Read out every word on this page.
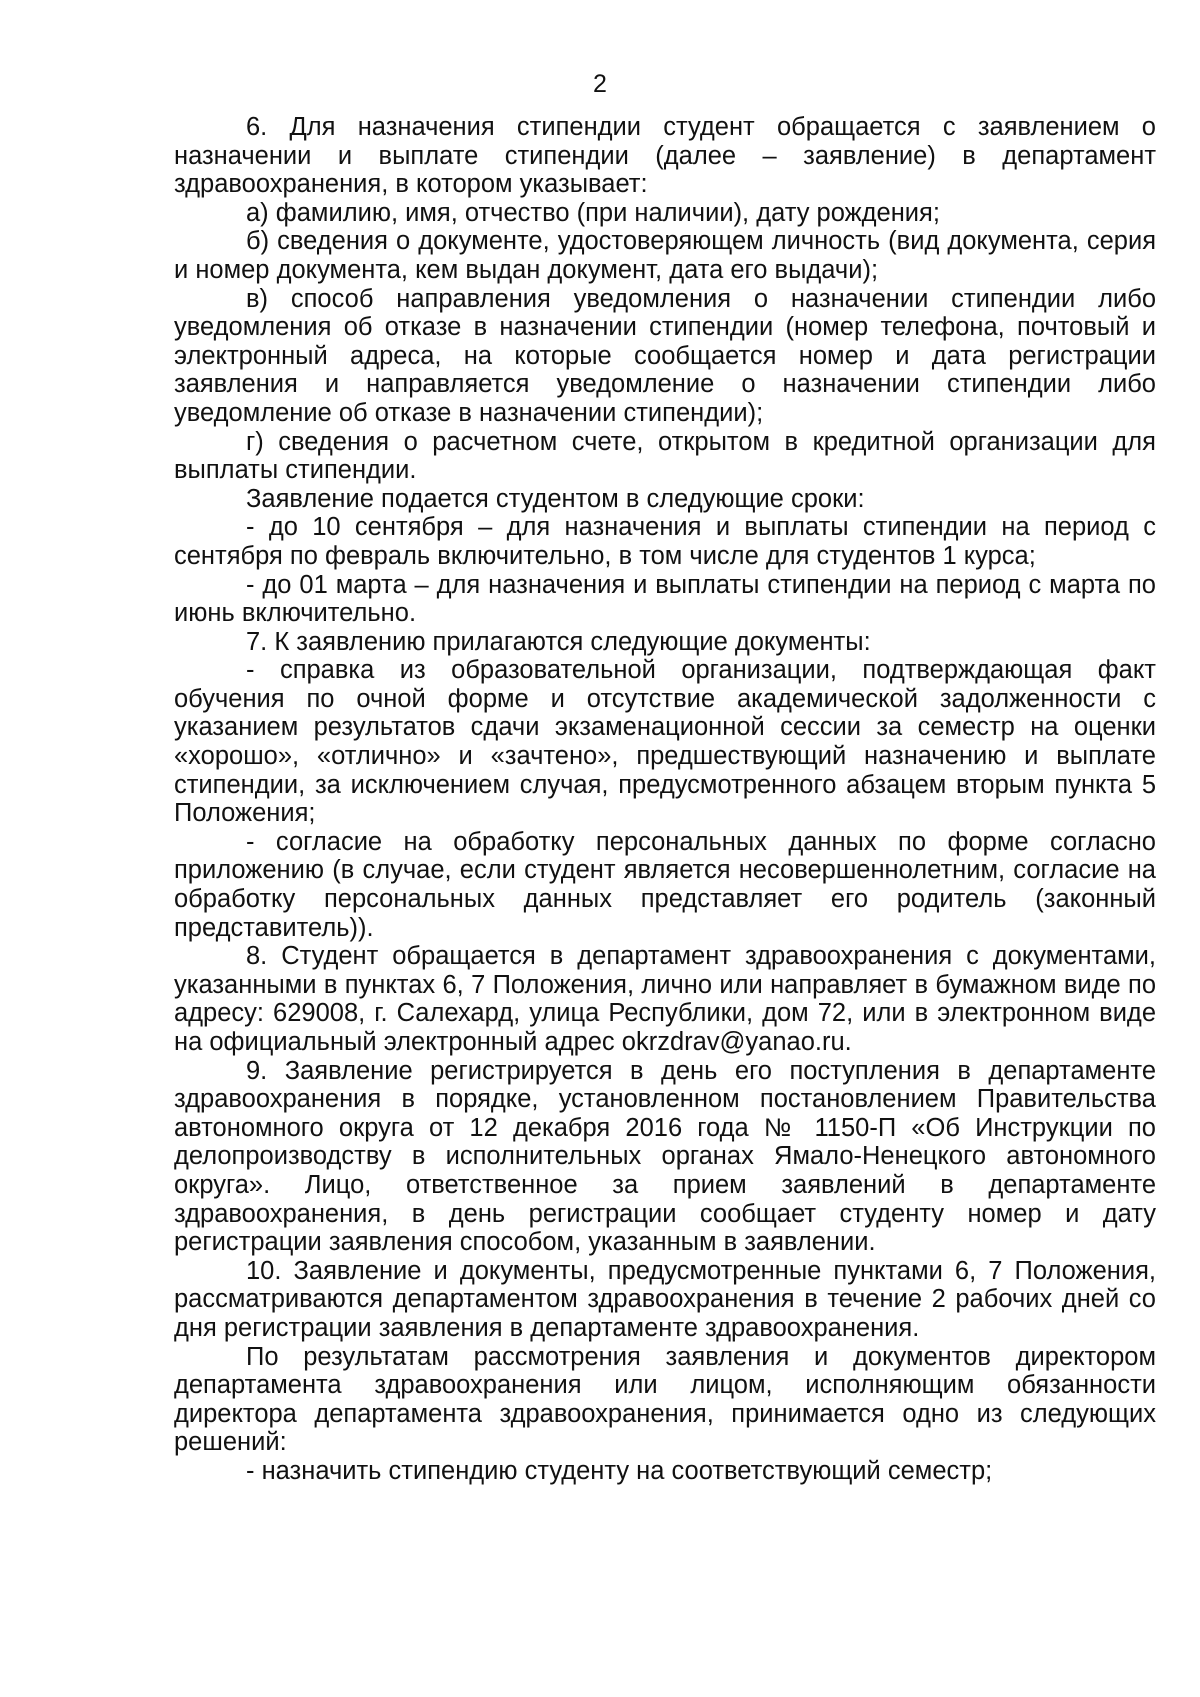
2

6. Для назначения стипендии студент обращается с заявлением о назначении и выплате стипендии (далее – заявление) в департамент здравоохранения, в котором указывает:

а) фамилию, имя, отчество (при наличии), дату рождения;

б) сведения о документе, удостоверяющем личность (вид документа, серия и номер документа, кем выдан документ, дата его выдачи);

в) способ направления уведомления о назначении стипендии либо уведомления об отказе в назначении стипендии (номер телефона, почтовый и электронный адреса, на которые сообщается номер и дата регистрации заявления и направляется уведомление о назначении стипендии либо уведомление об отказе в назначении стипендии);

г) сведения о расчетном счете, открытом в кредитной организации для выплаты стипендии.

Заявление подается студентом в следующие сроки:

- до 10 сентября – для назначения и выплаты стипендии на период с сентября по февраль включительно, в том числе для студентов 1 курса;

- до 01 марта – для назначения и выплаты стипендии на период с марта по июнь включительно.

7. К заявлению прилагаются следующие документы:

- справка из образовательной организации, подтверждающая факт обучения по очной форме и отсутствие академической задолженности с указанием результатов сдачи экзаменационной сессии за семестр на оценки «хорошо», «отлично» и «зачтено», предшествующий назначению и выплате стипендии, за исключением случая, предусмотренного абзацем вторым пункта 5 Положения;

- согласие на обработку персональных данных по форме согласно приложению (в случае, если студент является несовершеннолетним, согласие на обработку персональных данных представляет его родитель (законный представитель)).

8. Студент обращается в департамент здравоохранения с документами, указанными в пунктах 6, 7 Положения, лично или направляет в бумажном виде по адресу: 629008, г. Салехард, улица Республики, дом 72, или в электронном виде на официальный электронный адрес okrzdrav@yanao.ru.

9. Заявление регистрируется в день его поступления в департаменте здравоохранения в порядке, установленном постановлением Правительства автономного округа от 12 декабря 2016 года № 1150-П «Об Инструкции по делопроизводству в исполнительных органах Ямало-Ненецкого автономного округа». Лицо, ответственное за прием заявлений в департаменте здравоохранения, в день регистрации сообщает студенту номер и дату регистрации заявления способом, указанным в заявлении.

10. Заявление и документы, предусмотренные пунктами 6, 7 Положения, рассматриваются департаментом здравоохранения в течение 2 рабочих дней со дня регистрации заявления в департаменте здравоохранения.

По результатам рассмотрения заявления и документов директором департамента здравоохранения или лицом, исполняющим обязанности директора департамента здравоохранения, принимается одно из следующих решений:

- назначить стипендию студенту на соответствующий семестр;
